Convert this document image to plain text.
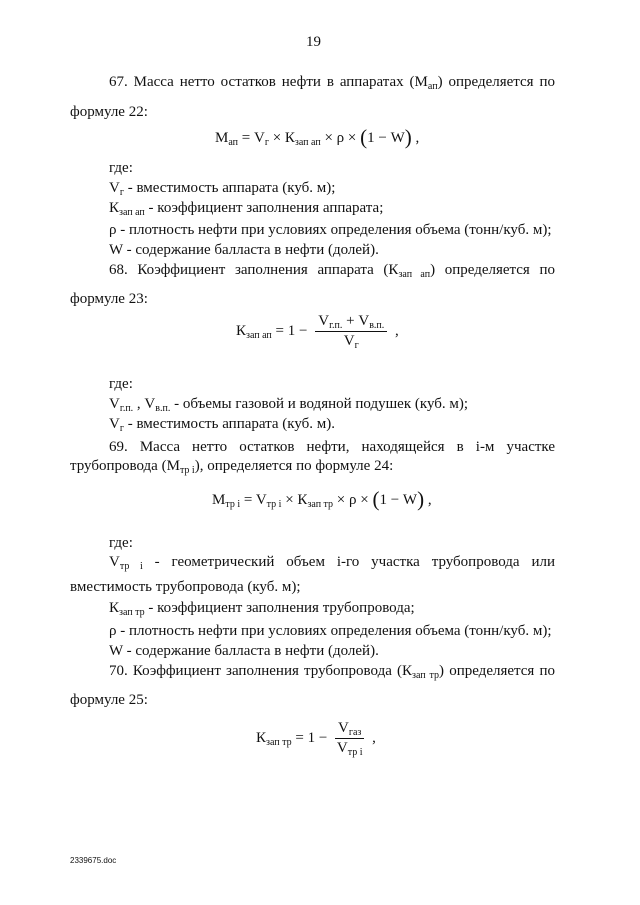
19
67. Масса нетто остатков нефти в аппаратах $(М_{ап})$ определяется по
формуле 22:
$М_{ап} = V_г \times К_{зап ап} \times \rho \times (1 - W)$ ,
где:
$V_г$ - вместимость аппарата (куб. м);
$К_{зап ап}$ - коэффициент заполнения аппарата;
ρ - плотность нефти при условиях определения объема (тонн/куб. м);
W - содержание балласта в нефти (долей).
68. Коэффициент заполнения аппарата $(К_{зап ап})$ определяется по
формуле 23:
$К_{зап ап} = 1 - \frac{V_{г.п.} + V_{в.п.}}{V_г}$ ,
где:
$V_{г.п.}$ , $V_{в.п.}$ - объемы газовой и водяной подушек (куб. м);
$V_г$ - вместимость аппарата (куб. м).
69. Масса нетто остатков нефти, находящейся в i-м участке
трубопровода $(М_{тр i})$, определяется по формуле 24:
$М_{тр i} = V_{тр i} \times К_{зап тр} \times \rho \times (1 - W)$ ,
где:
$V_{тр i}$ - геометрический объем i-го участка трубопровода или
вместимость трубопровода (куб. м);
$К_{зап тр}$ - коэффициент заполнения трубопровода;
ρ - плотность нефти при условиях определения объема (тонн/куб. м);
W - содержание балласта в нефти (долей).
70. Коэффициент заполнения трубопровода $(К_{зап тр})$ определяется по
формуле 25:
$К_{зап тр} = 1 - \frac{V_{газ}}{V_{тр i}}$ ,
2339675.doc
